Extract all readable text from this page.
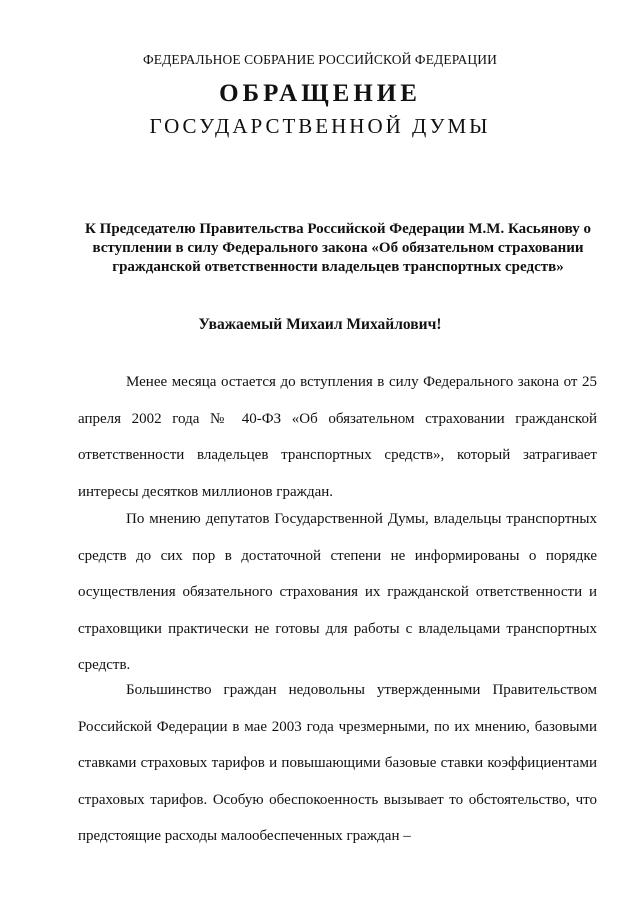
ФЕДЕРАЛЬНОЕ СОБРАНИЕ РОССИЙСКОЙ ФЕДЕРАЦИИ

ОБРАЩЕНИЕ
ГОСУДАРСТВЕННОЙ ДУМЫ

К Председателю Правительства Российской Федерации М.М. Касьянову о вступлении в силу Федерального закона «Об обязательном страховании гражданской ответственности владельцев транспортных средств»

Уважаемый Михаил Михайлович!

Менее месяца остается до вступления в силу Федерального закона от 25 апреля 2002 года № 40-ФЗ «Об обязательном страховании гражданской ответственности владельцев транспортных средств», который затрагивает интересы десятков миллионов граждан.

По мнению депутатов Государственной Думы, владельцы транспортных средств до сих пор в достаточной степени не информированы о порядке осуществления обязательного страхования их гражданской ответственности и страховщики практически не готовы для работы с владельцами транспортных средств.

Большинство граждан недовольны утвержденными Правительством Российской Федерации в мае 2003 года чрезмерными, по их мнению, базовыми ставками страховых тарифов и повышающими базовые ставки коэффициентами страховых тарифов. Особую обеспокоенность вызывает то обстоятельство, что предстоящие расходы малообеспеченных граждан –
